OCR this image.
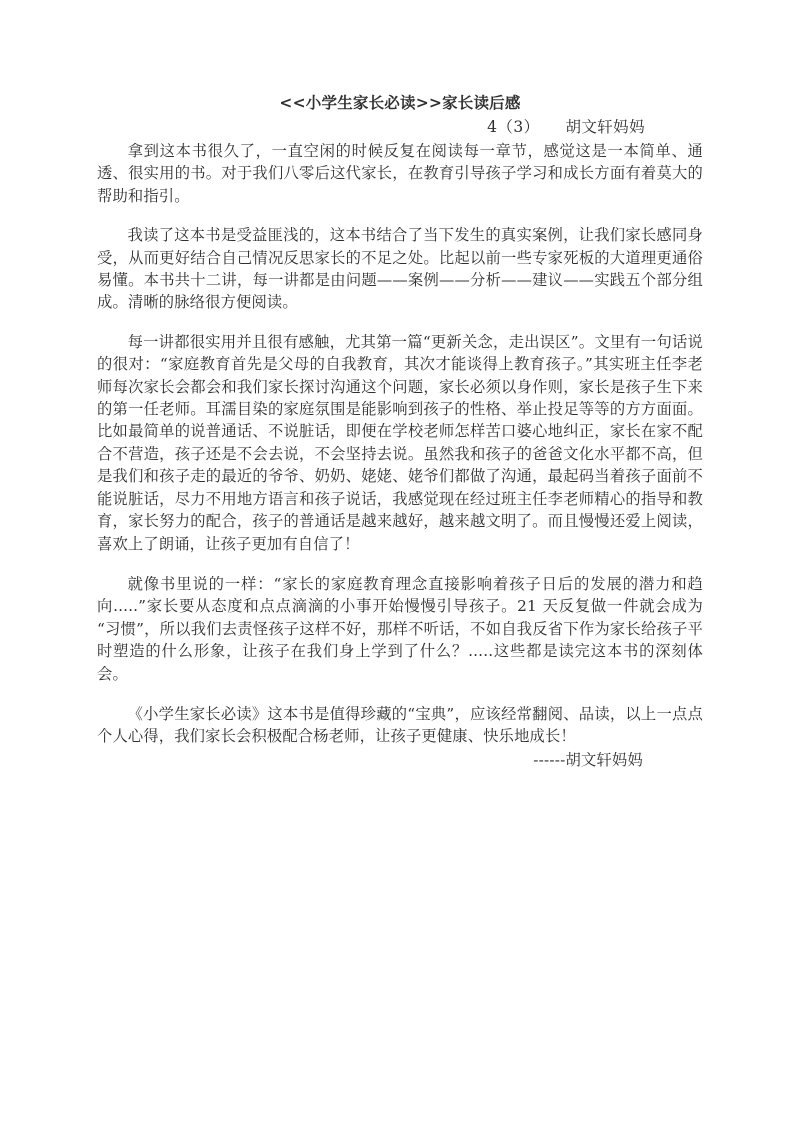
<<小学生家长必读>>家长读后感
4（3） 胡文轩妈妈

拿到这本书很久了，一直空闲的时候反复在阅读每一章节，感觉这是一本简单、通透、很实用的书。对于我们八零后这代家长，在教育引导孩子学习和成长方面有着莫大的帮助和指引。

我读了这本书是受益匪浅的，这本书结合了当下发生的真实案例，让我们家长感同身受，从而更好结合自己情况反思家长的不足之处。比起以前一些专家死板的大道理更通俗易懂。本书共十二讲，每一讲都是由问题——案例——分析——建议——实践五个部分组成。清晰的脉络很方便阅读。

每一讲都很实用并且很有感触，尤其第一篇“更新关念，走出误区”。文里有一句话说的很对：“家庭教育首先是父母的自我教育，其次才能谈得上教育孩子。”其实班主任李老师每次家长会都会和我们家长探讨沟通这个问题，家长必须以身作则，家长是孩子生下来的第一任老师。耳濡目染的家庭氛围是能影响到孩子的性格、举止投足等等的方方面面。比如最简单的说普通话、不说脏话，即便在学校老师怎样苦口婆心地纠正，家长在家不配合不营造，孩子还是不会去说，不会坚持去说。虽然我和孩子的爸爸文化水平都不高，但是我们和孩子走的最近的爷爷、奶奶、姥姥、姥爷们都做了沟通，最起码当着孩子面前不能说脏话，尽力不用地方语言和孩子说话，我感觉现在经过班主任李老师精心的指导和教育，家长努力的配合，孩子的普通话是越来越好，越来越文明了。而且慢慢还爱上阅读，喜欢上了朗诵，让孩子更加有自信了！

就像书里说的一样：“家长的家庭教育理念直接影响着孩子日后的发展的潜力和趋向.....”家长要从态度和点点滴滴的小事开始慢慢引导孩子。21 天反复做一件就会成为“习惯”，所以我们去责怪孩子这样不好，那样不听话，不如自我反省下作为家长给孩子平时塑造的什么形象，让孩子在我们身上学到了什么？.....这些都是读完这本书的深刻体会。

《小学生家长必读》这本书是值得珍藏的“宝典”，应该经常翻阅、品读，以上一点点个人心得，我们家长会积极配合杨老师，让孩子更健康、快乐地成长！

------胡文轩妈妈
